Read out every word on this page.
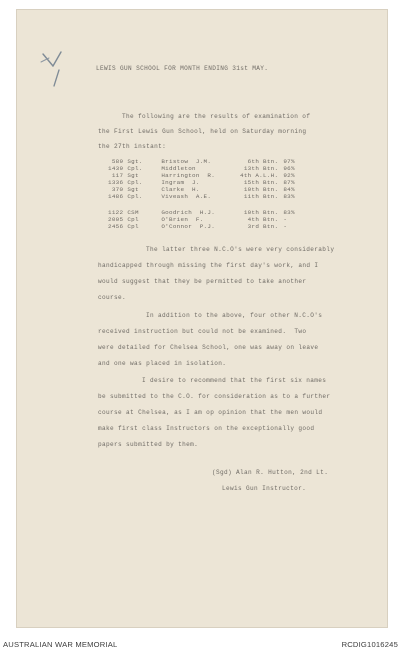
LEWIS GUN SCHOOL FOR MONTH ENDING 31st MAY.
The following are the results of examination of
the First Lewis Gun School, held on Saturday morning
the 27th instant:
589	Sgt.	Bristow  J.M.	6th Btn.	97%
1439	Cpl.	Middleton	13th Btn.	96%
117	Sgt	Harrington  R.	4th A.L.H.	92%
1336	Cpl.	Ingram  J.	15th Btn.	87%
370	Sgt	Clarke  H.	10th Btn.	84%
1486	Cpl.	Viveash  A.E.	11th Btn.	83%

1122	CSM	Goodrich  H.J.	10th Btn.	83%
2005	Cpl	O'Brien  F.	4th Btn.	-
2456	Cpl	O'Connor  P.J.	3rd Btn.	-
The latter three N.C.O's were very considerably
handicapped through missing the first day's work, and I
would suggest that they be permitted to take another
course.
In addition to the above, four other N.C.O's
received instruction but could not be examined.  Two
were detailed for Chelsea School, one was away on leave
and one was placed in isolation.
I desire to recommend that the first six names
be submitted to the C.O. for consideration as to a further
course at Chelsea, as I am op opinion that the men would
make first class Instructors on the exceptionally good
papers submitted by them.
(Sgd) Alan R. Hutton, 2nd Lt.
Lewis Gun Instructor.
AUSTRALIAN WAR MEMORIAL	RCDIG1016245
